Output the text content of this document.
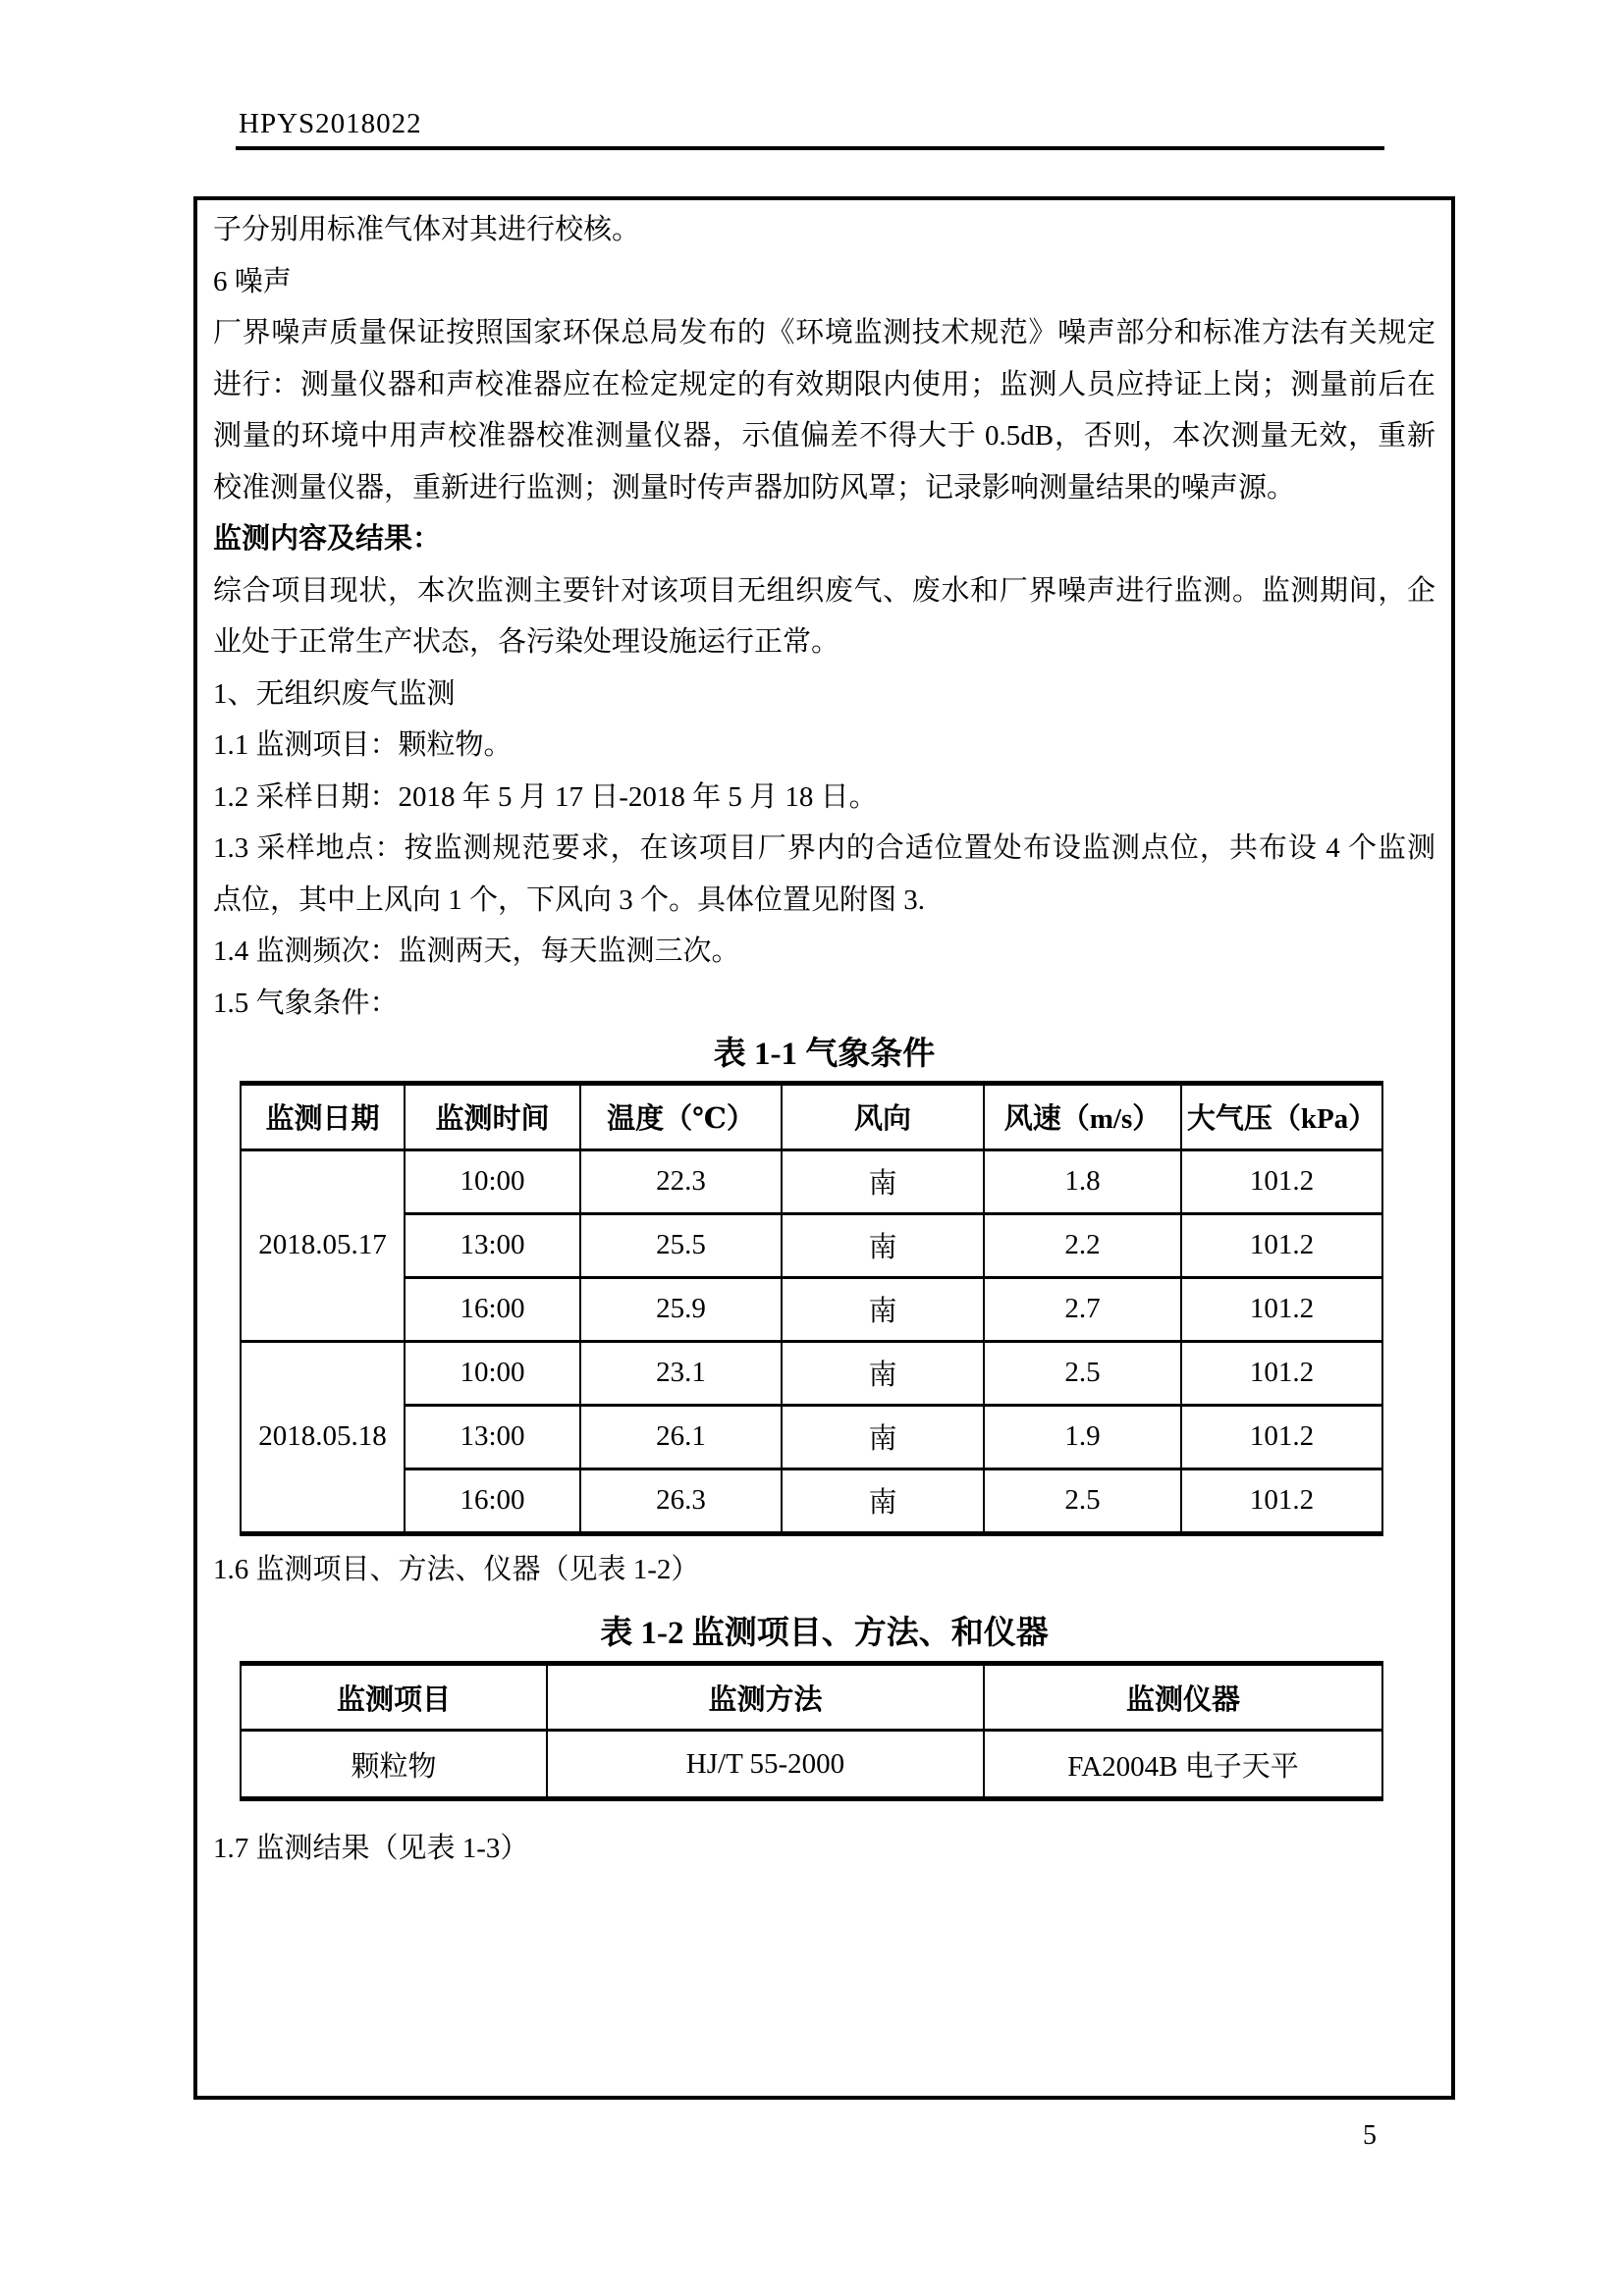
HPYS2018022
子分别用标准气体对其进行校核。
6 噪声
厂界噪声质量保证按照国家环保总局发布的《环境监测技术规范》噪声部分和标准方法有关规定
进行：测量仪器和声校准器应在检定规定的有效期限内使用；监测人员应持证上岗；测量前后在
测量的环境中用声校准器校准测量仪器，示值偏差不得大于 0.5dB，否则，本次测量无效，重新
校准测量仪器，重新进行监测；测量时传声器加防风罩；记录影响测量结果的噪声源。
监测内容及结果：
综合项目现状，本次监测主要针对该项目无组织废气、废水和厂界噪声进行监测。监测期间，企
业处于正常生产状态，各污染处理设施运行正常。
1、无组织废气监测
1.1 监测项目：颗粒物。
1.2 采样日期：2018 年 5 月 17 日-2018 年 5 月 18 日。
1.3 采样地点：按监测规范要求，在该项目厂界内的合适位置处布设监测点位，共布设 4 个监测
点位，其中上风向 1 个，下风向 3 个。具体位置见附图 3.
1.4 监测频次：监测两天，每天监测三次。
1.5 气象条件：
表 1-1 气象条件
监测日期	监测时间	温度（℃）	风向	风速（m/s）	大气压（kPa）
2018.05.17	10:00	22.3	南	1.8	101.2
	13:00	25.5	南	2.2	101.2
	16:00	25.9	南	2.7	101.2
2018.05.18	10:00	23.1	南	2.5	101.2
	13:00	26.1	南	1.9	101.2
	16:00	26.3	南	2.5	101.2
1.6 监测项目、方法、仪器（见表 1-2）
表 1-2 监测项目、方法、和仪器
监测项目	监测方法	监测仪器
颗粒物	HJ/T 55-2000	FA2004B 电子天平
1.7 监测结果（见表 1-3）
5
